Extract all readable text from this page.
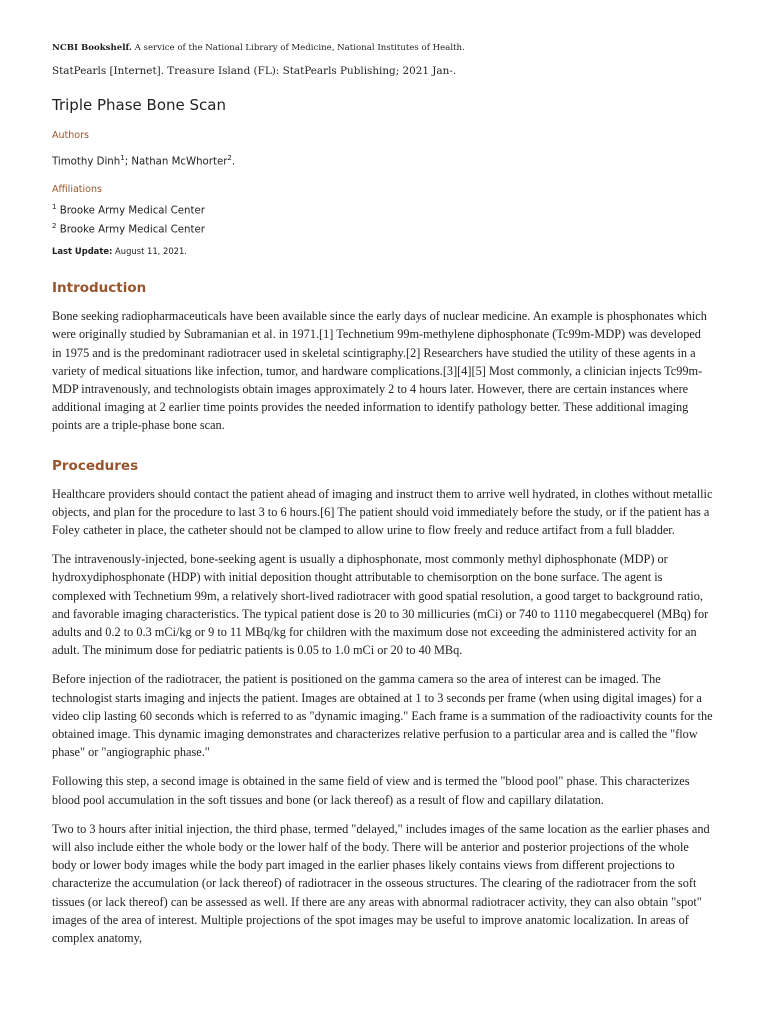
NCBI Bookshelf. A service of the National Library of Medicine, National Institutes of Health.

StatPearls [Internet]. Treasure Island (FL): StatPearls Publishing; 2021 Jan-.

Triple Phase Bone Scan
Authors
Timothy Dinh$^1$; Nathan McWhorter$^2$.
Affiliations
$^1$ Brooke Army Medical Center
$^2$ Brooke Army Medical Center
Last Update: August 11, 2021.
Introduction

Bone seeking radiopharmaceuticals have been available since the early days of nuclear medicine. An example is phosphonates which were originally studied by Subramanian et al. in 1971.[1] Technetium 99m-methylene diphosphonate (Tc99m-MDP) was developed in 1975 and is the predominant radiotracer used in skeletal scintigraphy.[2] Researchers have studied the utility of these agents in a variety of medical situations like infection, tumor, and hardware complications.[3][4][5] Most commonly, a clinician injects Tc99m-MDP intravenously, and technologists obtain images approximately 2 to 4 hours later. However, there are certain instances where additional imaging at 2 earlier time points provides the needed information to identify pathology better. These additional imaging points are a triple-phase bone scan.

Procedures

Healthcare providers should contact the patient ahead of imaging and instruct them to arrive well hydrated, in clothes without metallic objects, and plan for the procedure to last 3 to 6 hours.[6] The patient should void immediately before the study, or if the patient has a Foley catheter in place, the catheter should not be clamped to allow urine to flow freely and reduce artifact from a full bladder.

The intravenously-injected, bone-seeking agent is usually a diphosphonate, most commonly methyl diphosphonate (MDP) or hydroxydiphosphonate (HDP) with initial deposition thought attributable to chemisorption on the bone surface. The agent is complexed with Technetium 99m, a relatively short-lived radiotracer with good spatial resolution, a good target to background ratio, and favorable imaging characteristics. The typical patient dose is 20 to 30 millicuries (mCi) or 740 to 1110 megabecquerel (MBq) for adults and 0.2 to 0.3 mCi/kg or 9 to 11 MBq/kg for children with the maximum dose not exceeding the administered activity for an adult. The minimum dose for pediatric patients is 0.05 to 1.0 mCi or 20 to 40 MBq.

Before injection of the radiotracer, the patient is positioned on the gamma camera so the area of interest can be imaged. The technologist starts imaging and injects the patient. Images are obtained at 1 to 3 seconds per frame (when using digital images) for a video clip lasting 60 seconds which is referred to as "dynamic imaging." Each frame is a summation of the radioactivity counts for the obtained image. This dynamic imaging demonstrates and characterizes relative perfusion to a particular area and is called the "flow phase" or "angiographic phase."

Following this step, a second image is obtained in the same field of view and is termed the "blood pool" phase. This characterizes blood pool accumulation in the soft tissues and bone (or lack thereof) as a result of flow and capillary dilatation.

Two to 3 hours after initial injection, the third phase, termed "delayed," includes images of the same location as the earlier phases and will also include either the whole body or the lower half of the body. There will be anterior and posterior projections of the whole body or lower body images while the body part imaged in the earlier phases likely contains views from different projections to characterize the accumulation (or lack thereof) of radiotracer in the osseous structures. The clearing of the radiotracer from the soft tissues (or lack thereof) can be assessed as well. If there are any areas with abnormal radiotracer activity, they can also obtain "spot" images of the area of interest. Multiple projections of the spot images may be useful to improve anatomic localization. In areas of complex anatomy,
